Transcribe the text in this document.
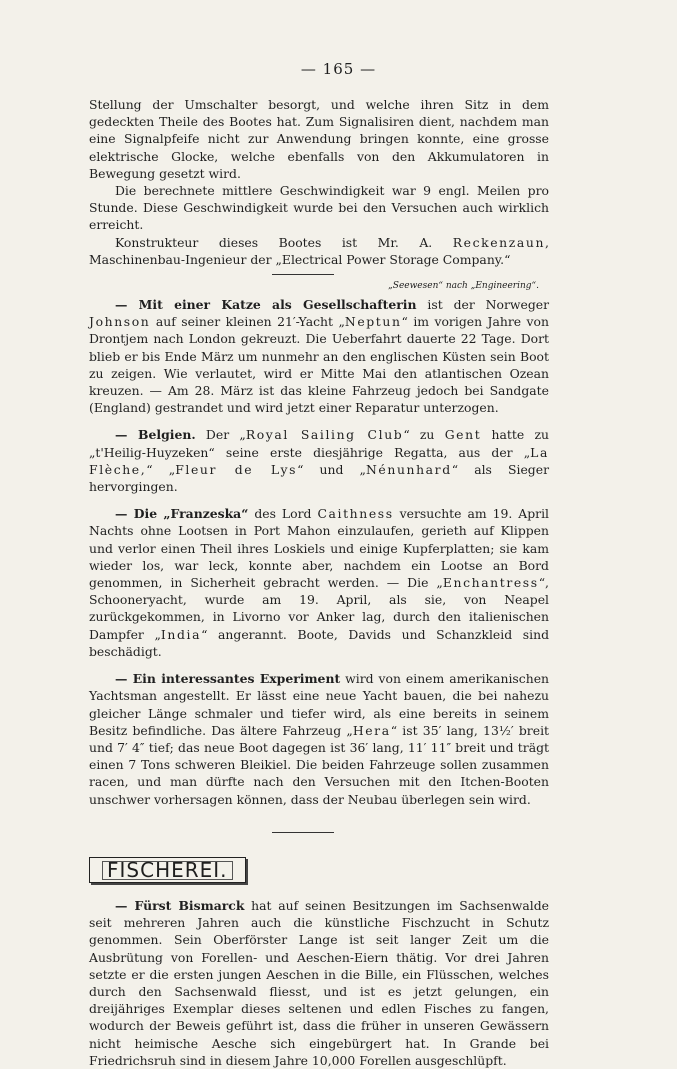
— 165 —

Stellung der Umschalter besorgt, und welche ihren Sitz in dem gedeckten Theile des Bootes hat. Zum Signalisiren dient, nachdem man eine Signalpfeife nicht zur Anwendung bringen konnte, eine grosse elektrische Glocke, welche ebenfalls von den Akkumulatoren in Bewegung gesetzt wird.

Die berechnete mittlere Geschwindigkeit war 9 engl. Meilen pro Stunde. Diese Geschwindigkeit wurde bei den Versuchen auch wirklich erreicht.

Konstrukteur dieses Bootes ist Mr. A. Reckenzaun, Maschinenbau-Ingenieur der „Electrical Power Storage Company.“

„Seewesen“ nach „Engineering“.

— Mit einer Katze als Gesellschafterin ist der Norweger Johnson auf seiner kleinen 21′-Yacht „Neptun“ im vorigen Jahre von Drontjem nach London gekreuzt. Die Ueberfahrt dauerte 22 Tage. Dort blieb er bis Ende März um nunmehr an den englischen Küsten sein Boot zu zeigen. Wie verlautet, wird er Mitte Mai den atlantischen Ozean kreuzen. — Am 28. März ist das kleine Fahrzeug jedoch bei Sandgate (England) gestrandet und wird jetzt einer Reparatur unterzogen.

— Belgien. Der „Royal Sailing Club“ zu Gent hatte zu „t'Heilig-Huyzeken“ seine erste diesjährige Regatta, aus der „La Flèche,“ „Fleur de Lys“ und „Nénunhard“ als Sieger hervorgingen.

— Die „Franzeska“ des Lord Caithness versuchte am 19. April Nachts ohne Lootsen in Port Mahon einzulaufen, gerieth auf Klippen und verlor einen Theil ihres Loskiels und einige Kupferplatten; sie kam wieder los, war leck, konnte aber, nachdem ein Lootse an Bord genommen, in Sicherheit gebracht werden. — Die „Enchantress“, Schooneryacht, wurde am 19. April, als sie, von Neapel zurückgekommen, in Livorno vor Anker lag, durch den italienischen Dampfer „India“ angerannt. Boote, Davids und Schanzkleid sind beschädigt.

— Ein interessantes Experiment wird von einem amerikanischen Yachtsman angestellt. Er lässt eine neue Yacht bauen, die bei nahezu gleicher Länge schmaler und tiefer wird, als eine bereits in seinem Besitz befindliche. Das ältere Fahrzeug „Hera“ ist 35′ lang, 13½′ breit und 7′ 4″ tief; das neue Boot dagegen ist 36′ lang, 11′ 11″ breit und trägt einen 7 Tons schweren Bleikiel. Die beiden Fahrzeuge sollen zusammen racen, und man dürfte nach den Versuchen mit den Itchen-Booten unschwer vorhersagen können, dass der Neubau überlegen sein wird.

FISCHEREI.

— Fürst Bismarck hat auf seinen Besitzungen im Sachsenwalde seit mehreren Jahren auch die künstliche Fischzucht in Schutz genommen. Sein Oberförster Lange ist seit langer Zeit um die Ausbrütung von Forellen- und Aeschen-Eiern thätig. Vor drei Jahren setzte er die ersten jungen Aeschen in die Bille, ein Flüsschen, welches durch den Sachsenwald fliesst, und ist es jetzt gelungen, ein dreijähriges Exemplar dieses seltenen und edlen Fisches zu fangen, wodurch der Beweis geführt ist, dass die früher in unseren Gewässern nicht heimische Aesche sich eingebürgert hat. In Grande bei Friedrichsruh sind in diesem Jahre 10,000 Forellen ausgeschlüpft.
